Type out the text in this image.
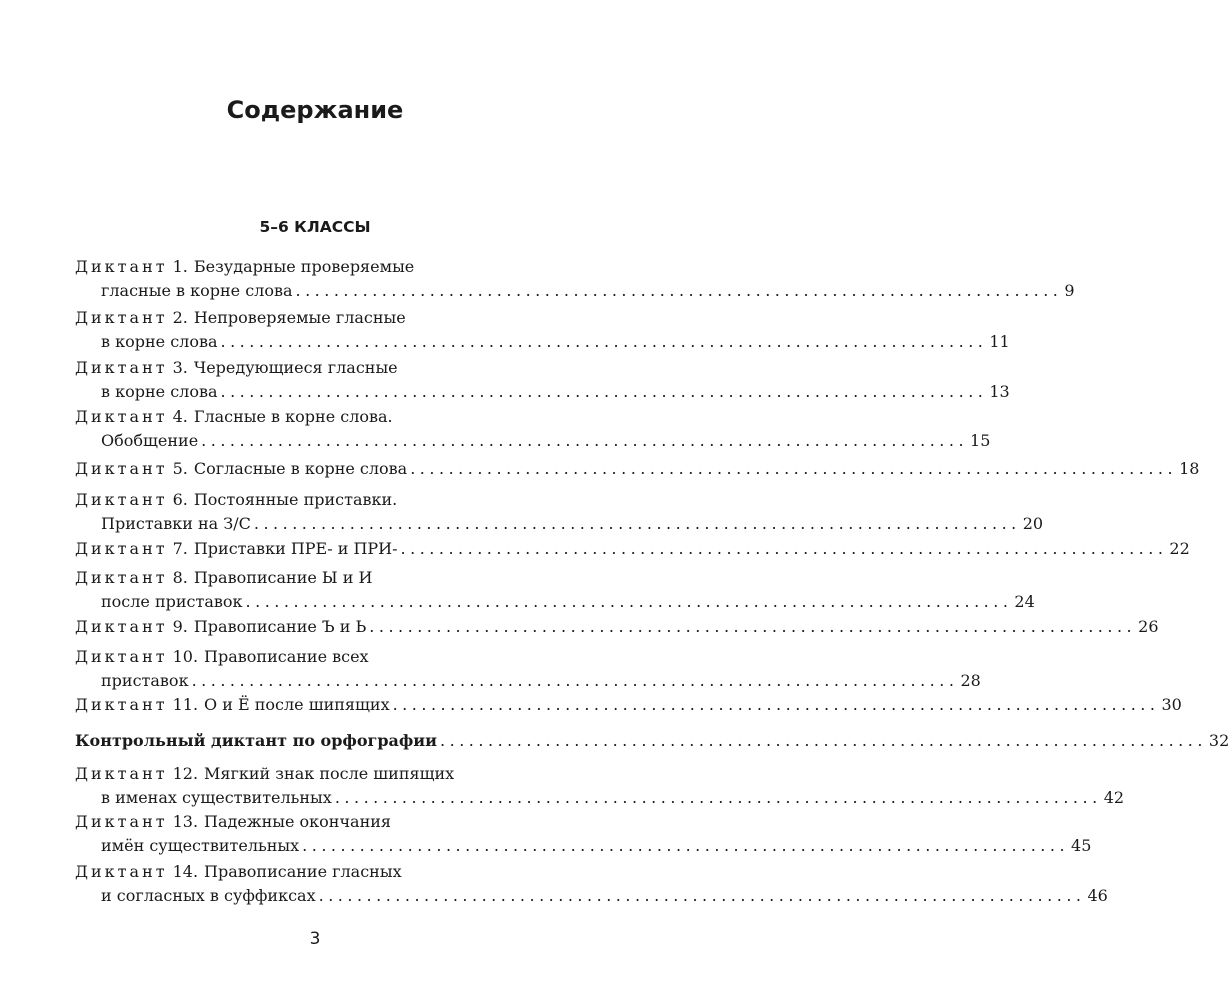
Содержание
5–6 КЛАССЫ
Диктант 1. Безударные проверяемые
гласные в корне слова ................................................................................ 9
Диктант 2. Непроверяемые гласные
в корне слова ................................................................................ 11
Диктант 3. Чередующиеся гласные
в корне слова ................................................................................ 13
Диктант 4. Гласные в корне слова.
Обобщение ................................................................................ 15
Диктант 5. Согласные в корне слова ................................................................................ 18
Диктант 6. Постоянные приставки.
Приставки на З/С ................................................................................ 20
Диктант 7. Приставки ПРЕ- и ПРИ- ................................................................................ 22
Диктант 8. Правописание Ы и И
после приставок ................................................................................ 24
Диктант 9. Правописание Ъ и Ь ................................................................................ 26
Диктант 10. Правописание всех
приставок ................................................................................ 28
Диктант 11. О и Ё после шипящих ................................................................................ 30
Контрольный диктант по орфографии ................................................................................ 32
Диктант 12. Мягкий знак после шипящих
в именах существительных ................................................................................ 42
Диктант 13. Падежные окончания
имён существительных ................................................................................ 45
Диктант 14. Правописание гласных
и согласных в суффиксах ................................................................................ 46
3
